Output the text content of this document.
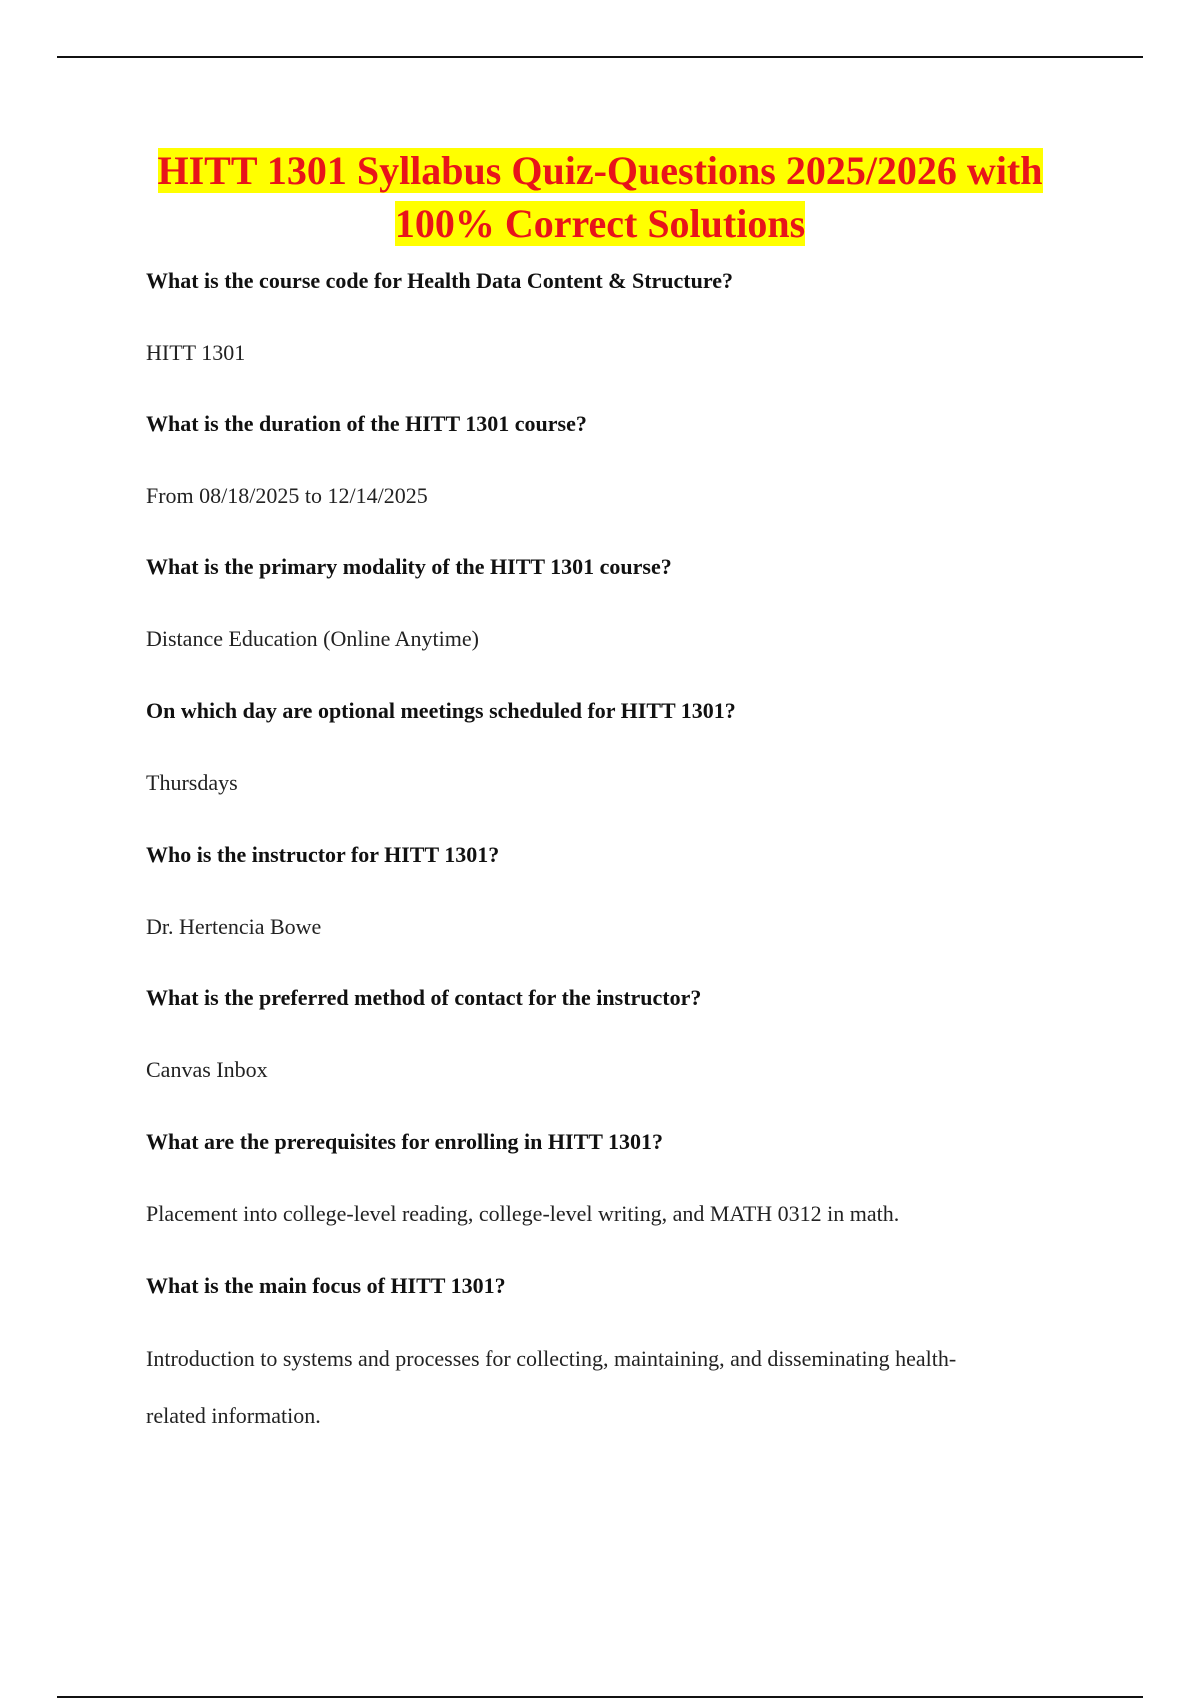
HITT 1301 Syllabus Quiz-Questions 2025/2026 with
100% Correct Solutions
What is the course code for Health Data Content & Structure?
HITT 1301
What is the duration of the HITT 1301 course?
From 08/18/2025 to 12/14/2025
What is the primary modality of the HITT 1301 course?
Distance Education (Online Anytime)
On which day are optional meetings scheduled for HITT 1301?
Thursdays
Who is the instructor for HITT 1301?
Dr. Hertencia Bowe
What is the preferred method of contact for the instructor?
Canvas Inbox
What are the prerequisites for enrolling in HITT 1301?
Placement into college-level reading, college-level writing, and MATH 0312 in math.
What is the main focus of HITT 1301?
Introduction to systems and processes for collecting, maintaining, and disseminating health-
related information.
